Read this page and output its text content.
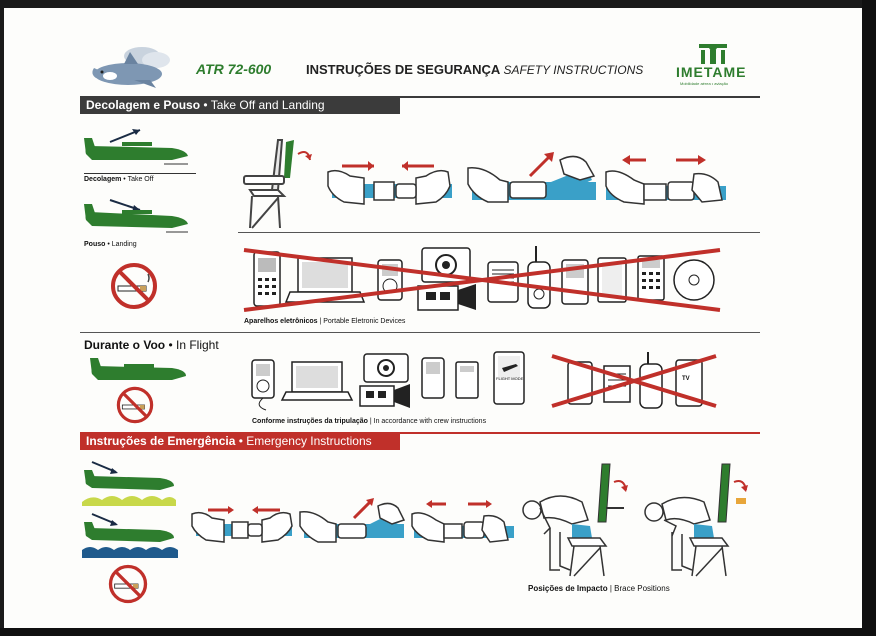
ATR 72-600	INSTRUÇÕES DE SEGURANÇA SAFETY INSTRUCTIONS IMETAME
Mobilidade aérea • aviação
Decolagem e Pouso • Take Off and Landing
Decolagem • Take Off
Pouso • Landing
Aparelhos eletrônicos | Portable Eletronic Devices
Durante o Voo • In Flight
FLIGHT MODE	TV
Conforme instruções da tripulação | In accordance with crew instructions
Instruções de Emergência • Emergency Instructions
Posições de Impacto | Brace Positions
